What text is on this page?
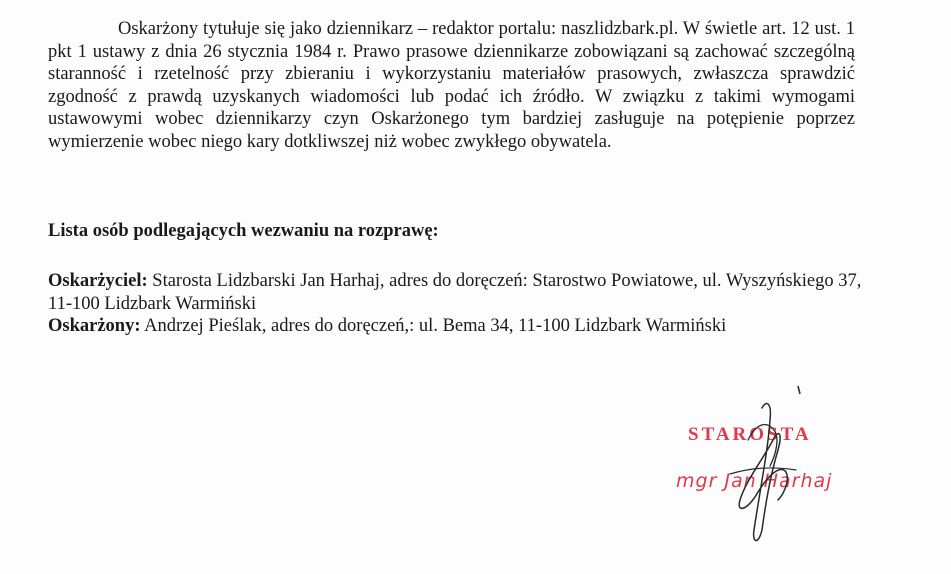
Oskarżony tytułuje się jako dziennikarz – redaktor portalu: naszlidzbark.pl. W świetle art. 12 ust. 1 pkt 1 ustawy z dnia 26 stycznia 1984 r. Prawo prasowe dziennikarze zobowiązani są zachować szczególną staranność i rzetelność przy zbieraniu i wykorzystaniu materiałów prasowych, zwłaszcza sprawdzić zgodność z prawdą uzyskanych wiadomości lub podać ich źródło. W związku z takimi wymogami ustawowymi wobec dziennikarzy czyn Oskarżonego tym bardziej zasługuje na potępienie poprzez wymierzenie wobec niego kary dotkliwszej niż wobec zwykłego obywatela.

Lista osób podlegających wezwaniu na rozprawę:

Oskarżyciel: Starosta Lidzbarski Jan Harhaj, adres do doręczeń: Starostwo Powiatowe, ul. Wyszyńskiego 37, 11-100 Lidzbark Warmiński

Oskarżony: Andrzej Pieślak, adres do doręczeń,: ul. Bema 34, 11-100 Lidzbark Warmiński

STAROSTA

mgr Jan Harhaj
